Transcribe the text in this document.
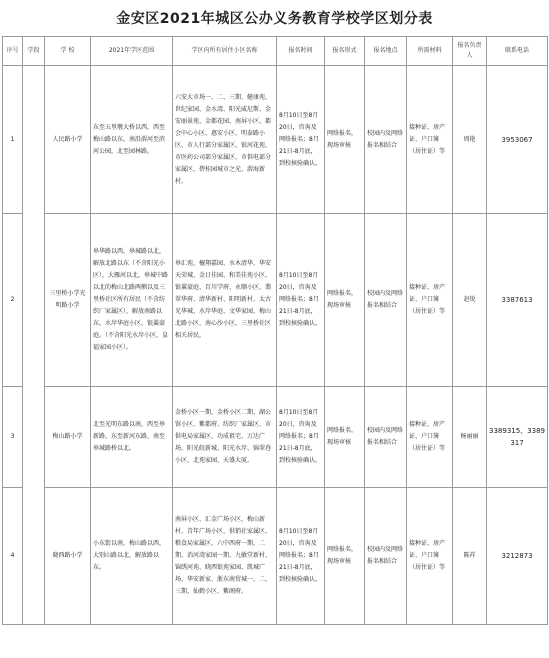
金安区2021年城区公办义务教育学校学区划分表
序号	学段	学 校	2021年学区范围	学区内所有居住小区名称	报名时间	报名形式	报名地点	所需材料	报名负责人	联系电话
1		人民路小学	东至五里墩大桥以西，西至梅山路以东，南沿淠河至滨河公园，北至园林路。	六安大市场一、二、三期、健康苑、世纪家园、金水湾、阳光威尼斯、金安丽景苑、金都花园、南屏小区、都会中心小区、惠安小区、明泰路小区、市人行部分家属区、银河花苑、市医药公司部分家属区、市供电部分家属区、碧桂园城市之光、淠海新村。	8月10日至8月20日，咨询及网络报名；8月21日-8月底，到校核验确认。	网络报名，现场审核	校园内及网络报名相结合	接种证、房产证、户口簿（居住证）等	周艳	3953067
2		三里桥小学光明路小学	皋华路以西，皋城路以北，解放北路以东（不含阳光小区），大雁河以北，皋城中路以北的梅山北路两侧以及三里桥社区所有居民（不含纺织厂家属区），解放南路以东，水岸华庭小区，银翼豪庭。（不含阳光水岸小区，皇福家园小区）。	皋汇苑、檀翔嘉园、水木清华、华安天荣城、金日佳园、和美佳苑小区、银翼豪庭、百川学府、永顺小区、翡翠华府、清华新村、阳明新村、太古光华城、水岸华庭、文华家园、梅山北路小区、南心沙小区、三里桥社区相关居民。	8月10日至8月20日，咨询及网络报名；8月21日-8月底，到校核验确认。	网络报名，现场审核	校园内及网络报名相结合	接种证、房产证、户口簿（居住证）等	赵锐	3387613
3		梅山路小学	北至光明东路以南，西至皋新路，东至新河东路，南至皋城路桥以北。	金桥小区一期、金桥小区二期、湖公馆小区、紫都府、纺织厂家属区、市供电局家属区、功成祖宅、万达广场、阳光皖新城、阳光水岸、锦翠巷小区、北苑家园、天盛大厦。	8月10日至8月20日，咨询及网络报名；8月21日-8月底，到校核验确认。	网络报名，现场审核	校园内及网络报名相结合	接种证、房产证、户口簿（居住证）等	杨丽丽	3389315、3389317
4		晓西路小学	小东街以南，梅山路以西，大别山路以北，解放路以东。	南屏小区、汇金广场小区、梅山新村、青年广场小区、供销社家属区、粮食局家属区、六中西府一期、二期、消河湾家园一期、九敏堂新村、锦绣河苑、晓西银苑家园、凯城广场、华安新家、浙东南贸城一、二、三期、仙鹤小区、紫阁府。	8月10日至8月20日，咨询及网络报名；8月21日-8月底，到校核验确认。	网络报名，现场审核	校园内及网络报名相结合	接种证、房产证、户口簿（居住证）等	陈祥	3212873
